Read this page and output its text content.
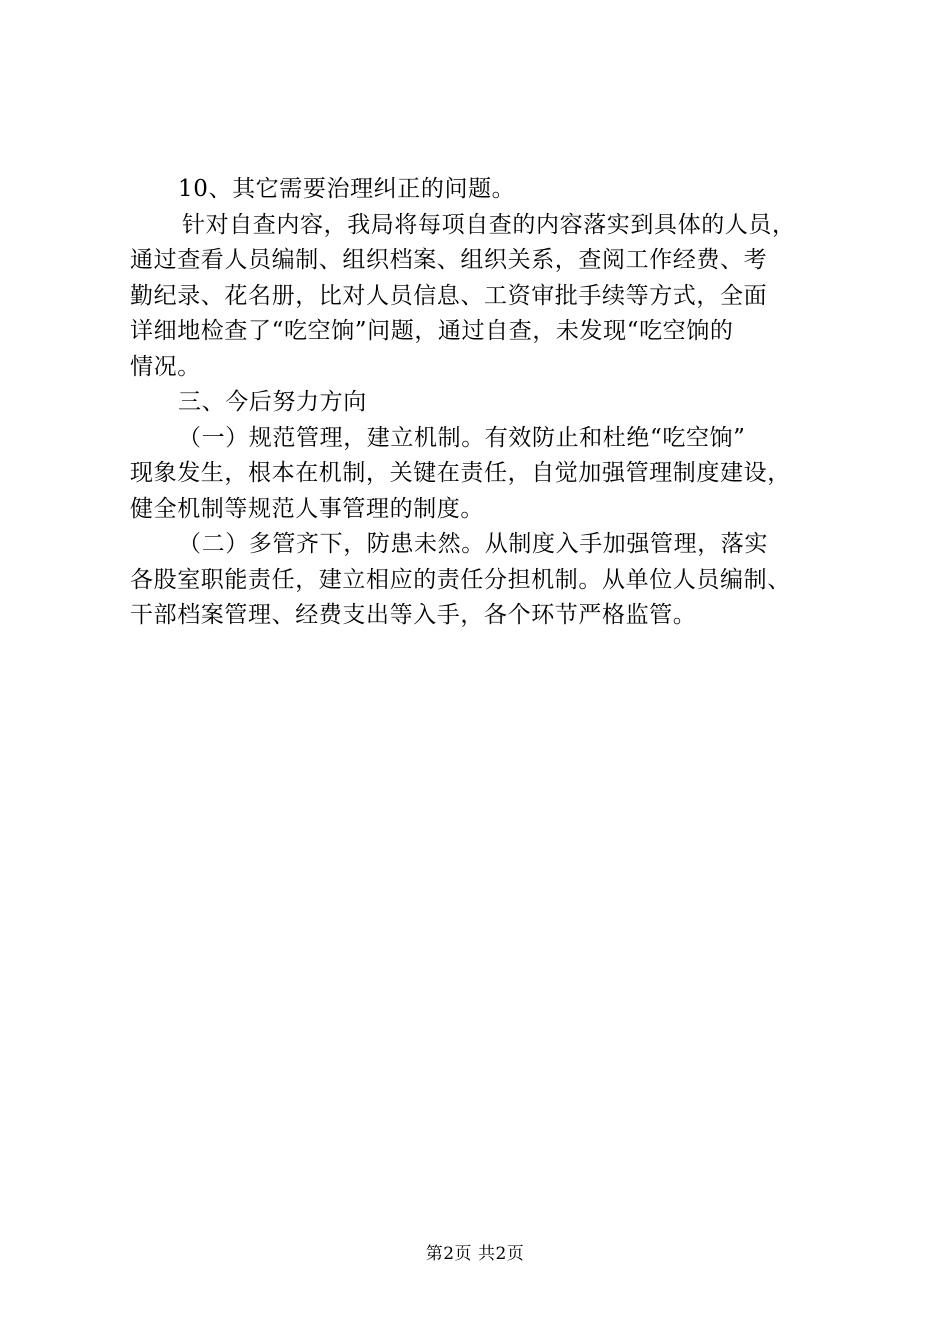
10、其它需要治理纠正的问题。
针对自查内容，我局将每项自查的内容落实到具体的人员，
通过查看人员编制、组织档案、组织关系，查阅工作经费、考
勤纪录、花名册，比对人员信息、工资审批手续等方式，全面
详细地检查了“吃空饷”问题，通过自查，未发现“吃空饷的
情况。
三、今后努力方向
（一）规范管理，建立机制。有效防止和杜绝“吃空饷”
现象发生，根本在机制，关键在责任，自觉加强管理制度建设，
健全机制等规范人事管理的制度。
（二）多管齐下，防患未然。从制度入手加强管理，落实
各股室职能责任，建立相应的责任分担机制。从单位人员编制、
干部档案管理、经费支出等入手，各个环节严格监管。
第2页 共2页
